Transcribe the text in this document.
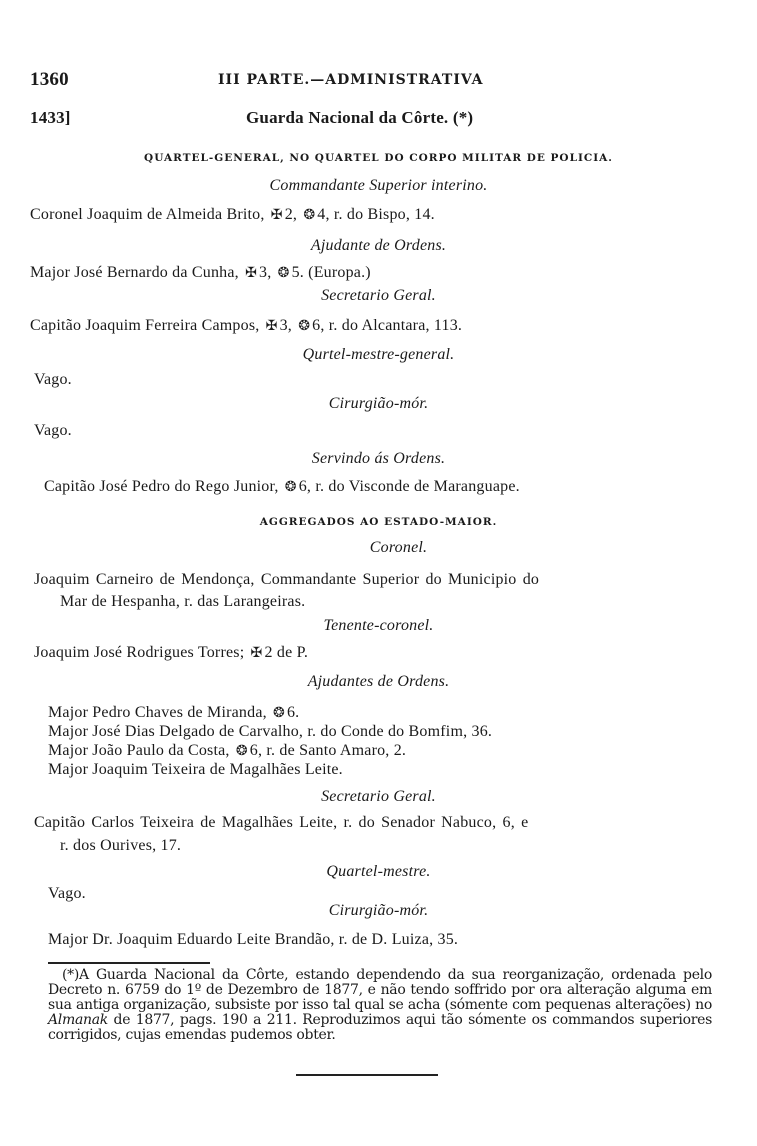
1360	III PARTE.—ADMINISTRATIVA
1433]	Guarda Nacional da Côrte. (*)
QUARTEL-GENERAL, NO QUARTEL DO CORPO MILITAR DE POLICIA.
Commandante Superior interino.
Coronel Joaquim de Almeida Brito, ✠ 2, ❂ 4, r. do Bispo, 14.
Ajudante de Ordens.
Major José Bernardo da Cunha, ✠ 3, ❂ 5. (Europa.)
Secretario Geral.
Capitão Joaquim Ferreira Campos, ✠ 3, ❂ 6, r. do Alcantara, 113.
Qurtel-mestre-general.
Vago.
Cirurgião-mór.
Vago.
Servindo ás Ordens.
Capitão José Pedro do Rego Junior, ❂ 6, r. do Visconde de Maranguape.
AGGREGADOS AO ESTADO-MAIOR.
Coronel.
Joaquim Carneiro de Mendonça, Commandante Superior do Municipio do
Mar de Hespanha, r. das Larangeiras.
Tenente-coronel.
Joaquim José Rodrigues Torres; ✠ 2 de P.
Ajudantes de Ordens.
Major Pedro Chaves de Miranda, ❂ 6.
Major José Dias Delgado de Carvalho, r. do Conde do Bomfim, 36.
Major João Paulo da Costa, ❂ 6, r. de Santo Amaro, 2.
Major Joaquim Teixeira de Magalhães Leite.
Secretario Geral.
Capitão Carlos Teixeira de Magalhães Leite, r. do Senador Nabuco, 6, e
r. dos Ourives, 17.
Quartel-mestre.
Vago.
Cirurgião-mór.
Major Dr. Joaquim Eduardo Leite Brandão, r. de D. Luiza, 35.
(*)A Guarda Nacional da Côrte, estando dependendo da sua reorganização, ordenada pelo Decreto n. 6759 do 1º de Dezembro de 1877, e não tendo soffrido por ora alteração alguma em sua antiga organização, subsiste por isso tal qual se acha (sómente com pequenas alterações) no Almanak de 1877, pags. 190 a 211. Reproduzimos aqui tão sómente os commandos superiores corrigidos, cujas emendas pudemos obter.
